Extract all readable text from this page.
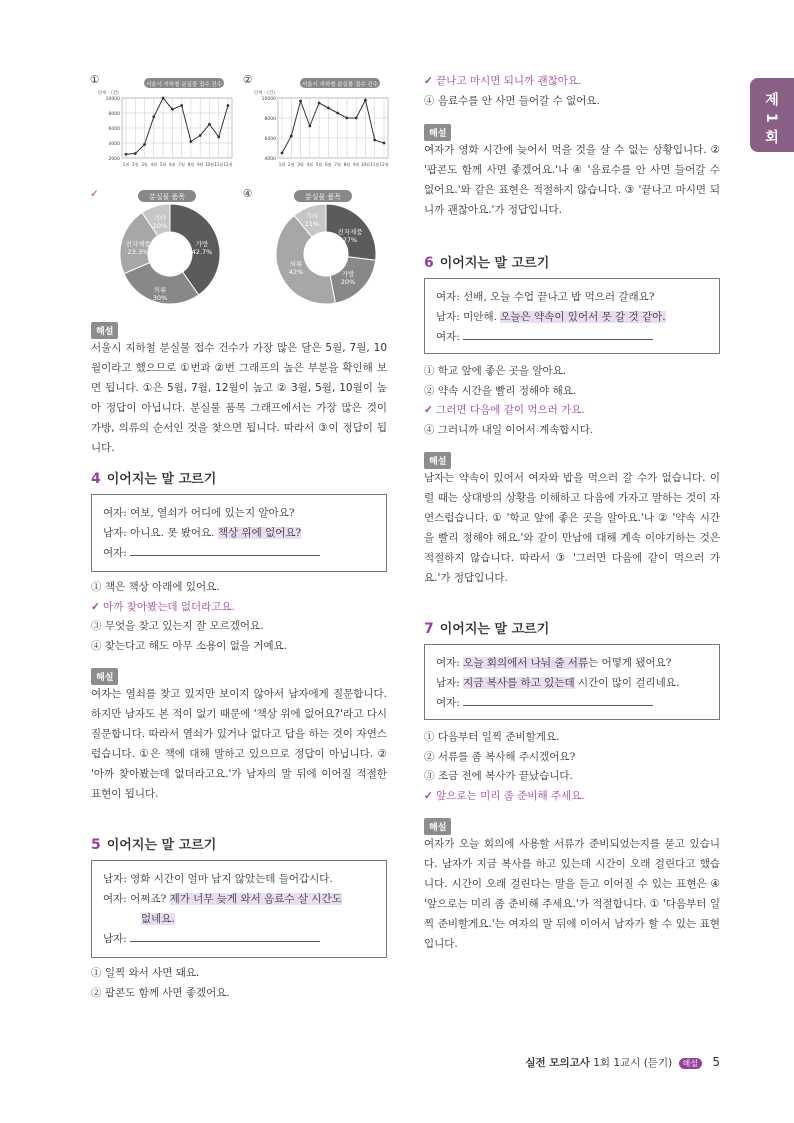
제 1 회
①	②
✓	④
서울시 지하철 분실물 접수 건수
단위 : (건)
10000
8000
6000
4000
2000
1월 2월 3월 4월 5월 6월 7월 8월 9월 10월 11월 12월
서울시 지하철 분실물 접수 건수
단위 : (건)
10000
8000
6000
4000
1월 2월 3월 4월 5월 6월 7월 8월 9월 10월 11월 12월
분실물 품목
가방
42.7%
의류
30%
전자제품
23.3%
기타
10%
분실물 품목
전자제품
27%
가방
20%
의류
42%
기타
11%
해설
서울시 지하철 분실물 접수 건수가 가장 많은 달은 5월, 7월, 10월이라고 했으므로 ①번과 ②번 그래프의 높은 부분을 확인해 보면 됩니다. ①은 5월, 7월, 12월이 높고 ② 3월, 5월, 10월이 높아 정답이 아닙니다. 분실물 품목 그래프에서는 가장 많은 것이 가방, 의류의 순서인 것을 찾으면 됩니다. 따라서 ③이 정답이 됩니다.
4 이어지는 말 고르기
여자: 여보, 열쇠가 어디에 있는지 알아요?
남자: 아니요. 못 봤어요. 책상 위에 없어요?
여자:
① 책은 책상 아래에 있어요.
✓ 아까 찾아봤는데 없더라고요.
③ 무엇을 찾고 있는지 잘 모르겠어요.
④ 찾는다고 해도 아무 소용이 없을 거예요.
해설
여자는 열쇠를 찾고 있지만 보이지 않아서 남자에게 질문합니다. 하지만 남자도 본 적이 없기 때문에 '책상 위에 없어요?'라고 다시 질문합니다. 따라서 열쇠가 있거나 없다고 답을 하는 것이 자연스럽습니다. ①은 책에 대해 말하고 있으므로 정답이 아닙니다. ② '아까 찾아봤는데 없더라고요.'가 남자의 말 뒤에 이어질 적절한 표현이 됩니다.
5 이어지는 말 고르기
남자: 영화 시간이 얼마 남지 않았는데 들어갑시다.
여자: 어쩌죠? 제가 너무 늦게 와서 음료수 살 시간도
없네요.
남자:
① 일찍 와서 사면 돼요.
② 팝콘도 함께 사면 좋겠어요.
✓ 끝나고 마시면 되니까 괜찮아요.
④ 음료수를 안 사면 들어갈 수 없어요.
해설
여자가 영화 시간에 늦어서 먹을 것을 살 수 없는 상황입니다. ② '팝콘도 함께 사면 좋겠어요.'나 ④ '음료수를 안 사면 들어갈 수 없어요.'와 같은 표현은 적절하지 않습니다. ③ '끝나고 마시면 되니까 괜찮아요.'가 정답입니다.
6 이어지는 말 고르기
여자: 선배, 오늘 수업 끝나고 밥 먹으러 갈래요?
남자: 미안해. 오늘은 약속이 있어서 못 갈 것 같아.
여자:
① 학교 앞에 좋은 곳을 알아요.
② 약속 시간을 빨리 정해야 해요.
✓ 그러면 다음에 같이 먹으러 가요.
④ 그러니까 내일 이어서 계속합시다.
해설
남자는 약속이 있어서 여자와 밥을 먹으러 갈 수가 없습니다. 이럴 때는 상대방의 상황을 이해하고 다음에 가자고 말하는 것이 자연스럽습니다. ① '학교 앞에 좋은 곳을 알아요.'나 ② '약속 시간을 빨리 정해야 해요.'와 같이 만남에 대해 계속 이야기하는 것은 적절하지 않습니다. 따라서 ③ '그러면 다음에 같이 먹으러 가요.'가 정답입니다.
7 이어지는 말 고르기
여자: 오늘 회의에서 나눠 줄 서류는 어떻게 됐어요?
남자: 지금 복사를 하고 있는데 시간이 많이 걸리네요.
여자:
① 다음부터 일찍 준비할게요.
② 서류를 좀 복사해 주시겠어요?
③ 조금 전에 복사가 끝났습니다.
✓ 앞으로는 미리 좀 준비해 주세요.
해설
여자가 오늘 회의에 사용할 서류가 준비되었는지를 묻고 있습니다. 남자가 지금 복사를 하고 있는데 시간이 오래 걸린다고 했습니다. 시간이 오래 걸린다는 말을 듣고 이어질 수 있는 표현은 ④ '앞으로는 미리 좀 준비해 주세요.'가 적절합니다. ① '다음부터 일찍 준비할게요.'는 여자의 말 뒤에 이어서 남자가 할 수 있는 표현입니다.
실전 모의고사 1회 1교시 (듣기) 해설 5
